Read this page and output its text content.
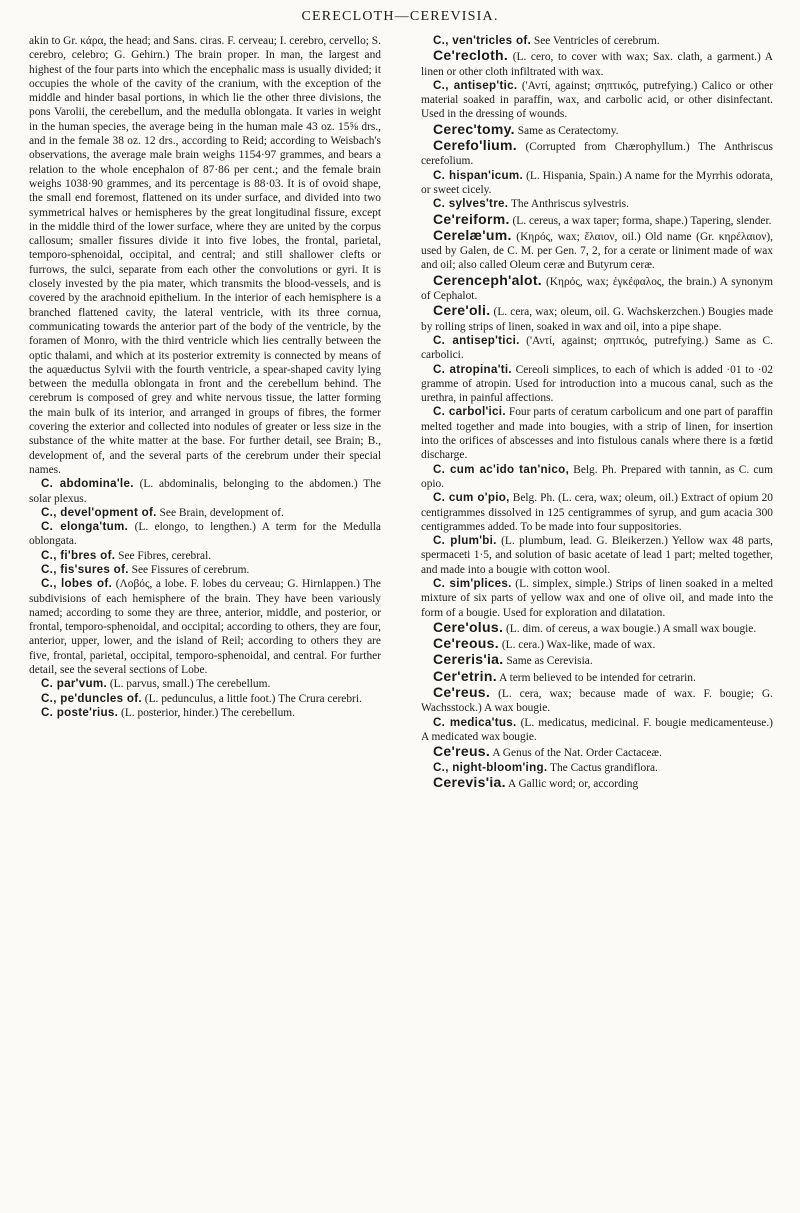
CERECLOTH—CEREVISIA.

akin to Gr. κάρα, the head; and Sans. ciras. F. cerveau; I. cerebro, cervello; S. cerebro, celebro; G. Gehirn.) The brain proper. In man, the largest and highest of the four parts into which the encephalic mass is usually divided; it occupies the whole of the cavity of the cranium, with the exception of the middle and hinder basal portions, in which lie the other three divisions, the pons Varolii, the cerebellum, and the medulla oblongata. It varies in weight in the human species, the average being in the human male 43 oz. 15⅝ drs., and in the female 38 oz. 12 drs., according to Reid; according to Weisbach's observations, the average male brain weighs 1154·97 grammes, and bears a relation to the whole encephalon of 87·86 per cent.; and the female brain weighs 1038·90 grammes, and its percentage is 88·03. It is of ovoid shape, the small end foremost, flattened on its under surface, and divided into two symmetrical halves or hemispheres by the great longitudinal fissure, except in the middle third of the lower surface, where they are united by the corpus callosum; smaller fissures divide it into five lobes, the frontal, parietal, temporo-sphenoidal, occipital, and central; and still shallower clefts or furrows, the sulci, separate from each other the convolutions or gyri. It is closely invested by the pia mater, which transmits the blood-vessels, and is covered by the arachnoid epithelium. In the interior of each hemisphere is a branched flattened cavity, the lateral ventricle, with its three cornua, communicating towards the anterior part of the body of the ventricle, by the foramen of Monro, with the third ventricle which lies centrally between the optic thalami, and which at its posterior extremity is connected by means of the aquæductus Sylvii with the fourth ventricle, a spear-shaped cavity lying between the medulla oblongata in front and the cerebellum behind. The cerebrum is composed of grey and white nervous tissue, the latter forming the main bulk of its interior, and arranged in groups of fibres, the former covering the exterior and collected into nodules of greater or less size in the substance of the white matter at the base. For further detail, see Brain; B., development of, and the several parts of the cerebrum under their special names.

C. abdomina'le. (L. abdominalis, belonging to the abdomen.) The solar plexus.

C., devel'opment of. See Brain, development of.

C. elonga'tum. (L. elongo, to lengthen.) A term for the Medulla oblongata.

C., fi'bres of. See Fibres, cerebral.

C., fis'sures of. See Fissures of cerebrum.

C., lobes of. (Λοβός, a lobe. F. lobes du cerveau; G. Hirnlappen.) The subdivisions of each hemisphere of the brain. They have been variously named; according to some they are three, anterior, middle, and posterior, or frontal, temporo-sphenoidal, and occipital; according to others, they are four, anterior, upper, lower, and the island of Reil; according to others they are five, frontal, parietal, occipital, temporo-sphenoidal, and central. For further detail, see the several sections of Lobe.

C. par'vum. (L. parvus, small.) The cerebellum.

C., pe'duncles of. (L. pedunculus, a little foot.) The Crura cerebri.

C. poste'rius. (L. posterior, hinder.) The cerebellum.

C., ven'tricles of. See Ventricles of cerebrum.

Ce'recloth. (L. cero, to cover with wax; Sax. clath, a garment.) A linen or other cloth infiltrated with wax.

C., antisep'tic. ('Αντί, against; σηπτικός, putrefying.) Calico or other material soaked in paraffin, wax, and carbolic acid, or other disinfectant. Used in the dressing of wounds.

Cerec'tomy. Same as Ceratectomy.

Cerefo'lium. (Corrupted from Chærophyllum.) The Anthriscus cerefolium.

C. hispan'icum. (L. Hispania, Spain.) A name for the Myrrhis odorata, or sweet cicely.

C. sylves'tre. The Anthriscus sylvestris.

Ce'reiform. (L. cereus, a wax taper; forma, shape.) Tapering, slender.

Cerelæ'um. (Κηρός, wax; ἔλαιον, oil.) Old name (Gr. κηρέλαιον), used by Galen, de C. M. per Gen. 7, 2, for a cerate or liniment made of wax and oil; also called Oleum ceræ and Butyrum ceræ.

Cerenceph'alot. (Κηρός, wax; ἐγκέφαλος, the brain.) A synonym of Cephalot.

Cere'oli. (L. cera, wax; oleum, oil. G. Wachskerzchen.) Bougies made by rolling strips of linen, soaked in wax and oil, into a pipe shape.

C. antisep'tici. ('Αντί, against; σηπτικός, putrefying.) Same as C. carbolici.

C. atropina'ti. Cereoli simplices, to each of which is added ·01 to ·02 gramme of atropin. Used for introduction into a mucous canal, such as the urethra, in painful affections.

C. carbol'ici. Four parts of ceratum carbolicum and one part of paraffin melted together and made into bougies, with a strip of linen, for insertion into the orifices of abscesses and into fistulous canals where there is a fœtid discharge.

C. cum ac'ido tan'nico, Belg. Ph. Prepared with tannin, as C. cum opio.

C. cum o'pio, Belg. Ph. (L. cera, wax; oleum, oil.) Extract of opium 20 centigrammes dissolved in 125 centigrammes of syrup, and gum acacia 300 centigrammes added. To be made into four suppositories.

C. plum'bi. (L. plumbum, lead. G. Bleikerzen.) Yellow wax 48 parts, spermaceti 1·5, and solution of basic acetate of lead 1 part; melted together, and made into a bougie with cotton wool.

C. sim'plices. (L. simplex, simple.) Strips of linen soaked in a melted mixture of six parts of yellow wax and one of olive oil, and made into the form of a bougie. Used for exploration and dilatation.

Cere'olus. (L. dim. of cereus, a wax bougie.) A small wax bougie.

Ce'reous. (L. cera.) Wax-like, made of wax.

Cereris'ia. Same as Cerevisia.

Cer'etrin. A term believed to be intended for cetrarin.

Ce'reus. (L. cera, wax; because made of wax. F. bougie; G. Wachsstock.) A wax bougie.

C. medica'tus. (L. medicatus, medicinal. F. bougie medicamenteuse.) A medicated wax bougie.

Ce'reus. A Genus of the Nat. Order Cactaceæ.

C., night-bloom'ing. The Cactus grandiflora.

Cerevis'ia. A Gallic word; or, according
